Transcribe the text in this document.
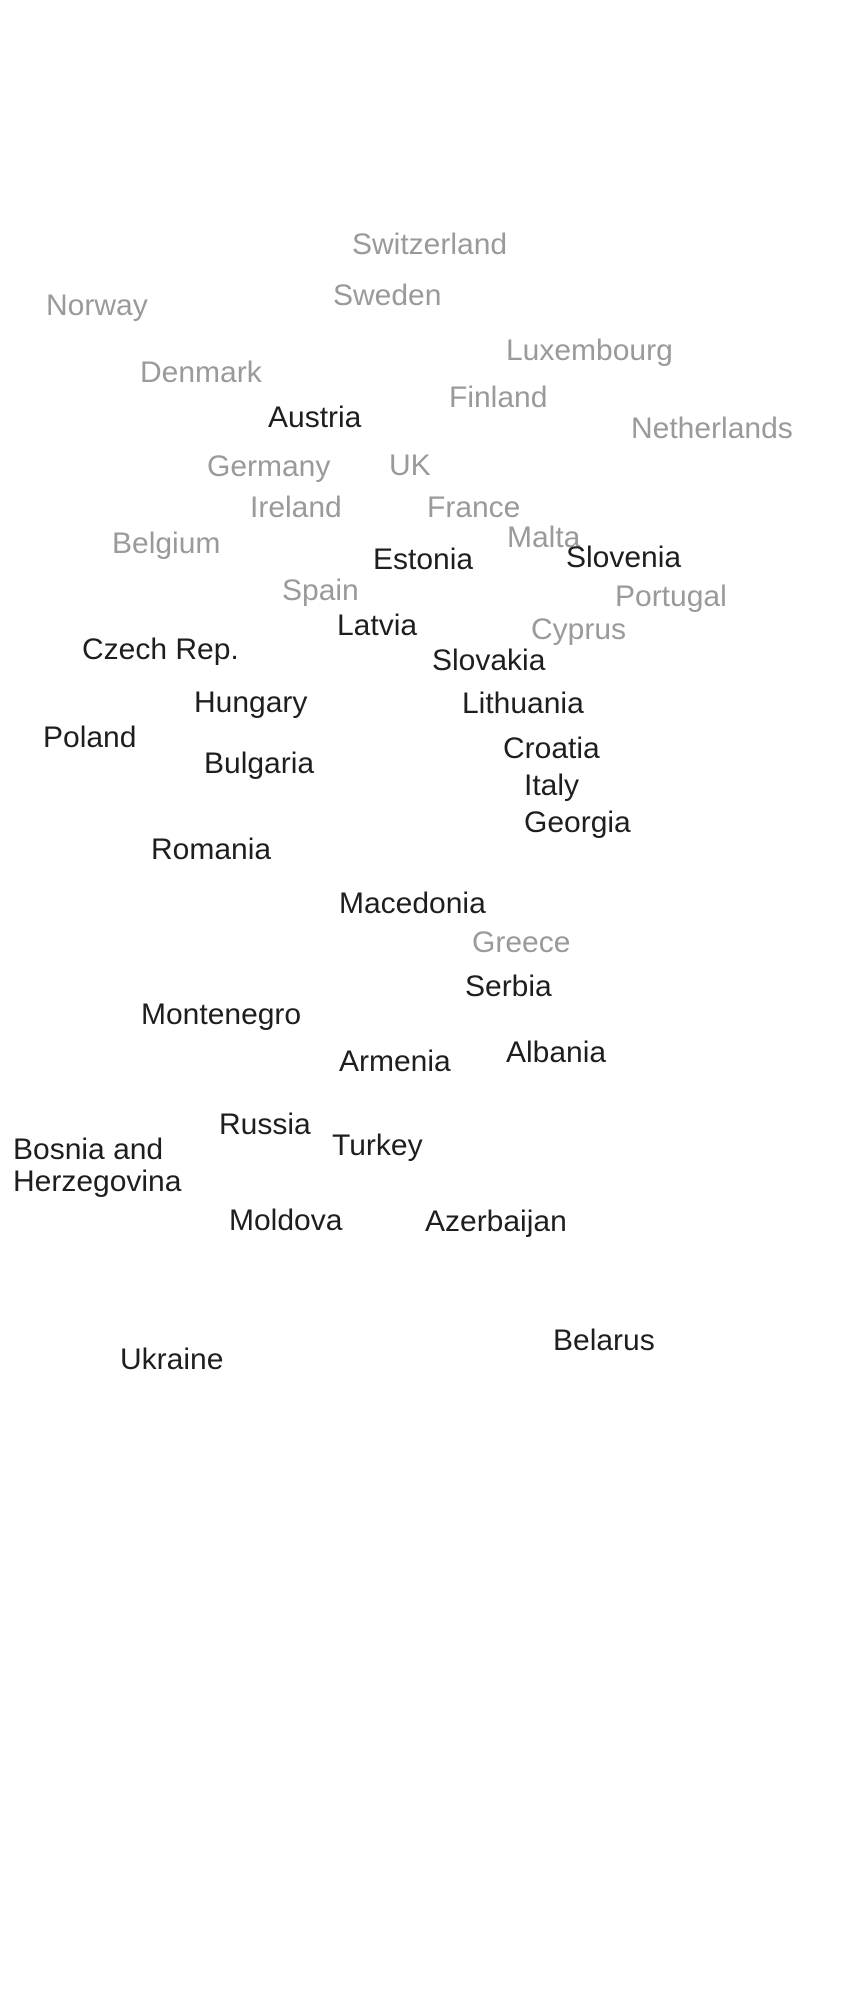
Switzerland
Norway	Sweden
Luxembourg
Denmark
Finland
Austria	Netherlands
UK
Germany
France
Ireland
Malta
Belgium	Estonia	Slovenia
Spain	Portugal
Latvia	Cyprus
Czech Rep.	Slovakia
Hungary	Lithuania
Poland	Croatia
Bulgaria
Italy
Georgia
Romania
Macedonia
Greece
Serbia
Montenegro
Albania
Armenia
Russia
Turkey
Bosnia and Herzegovina
Moldova	Azerbaijan
Belarus
Ukraine
